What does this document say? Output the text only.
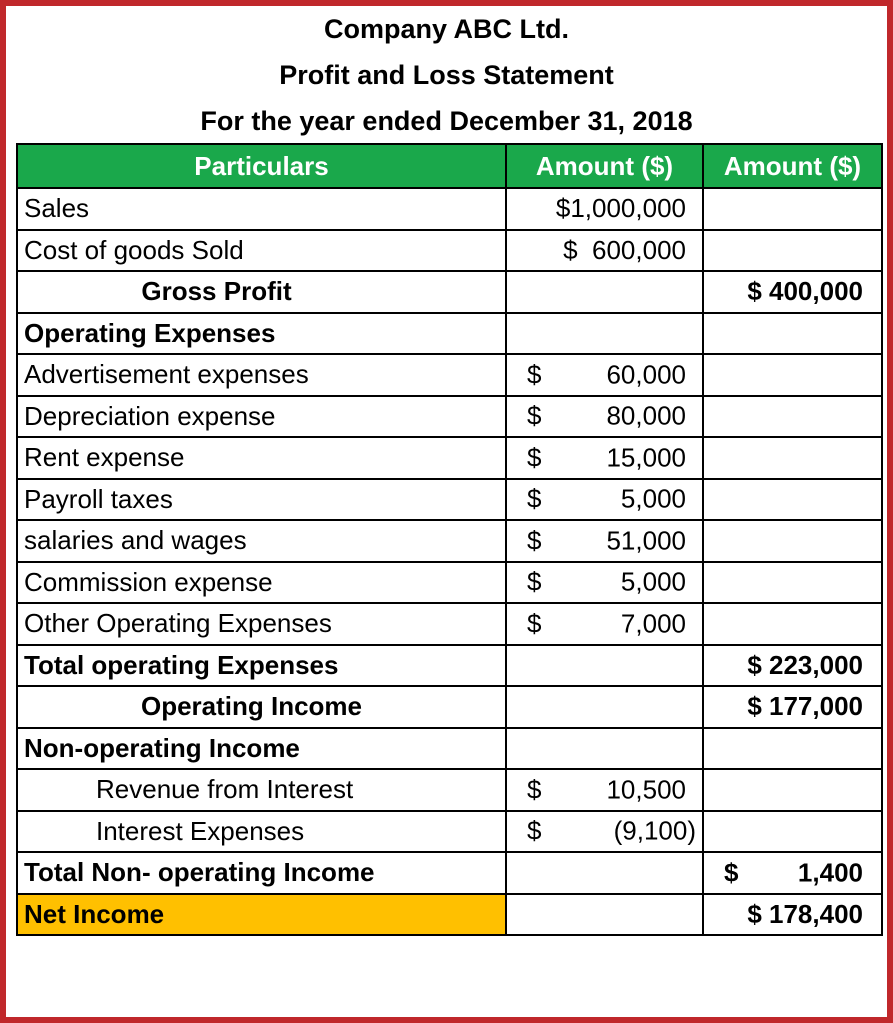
Company ABC Ltd.
Profit and Loss Statement
For the year ended December 31, 2018
Particulars	Amount ($)	Amount ($)
Sales	$1,000,000	
Cost of goods Sold	$  600,000	
Gross Profit		$ 400,000
Operating Expenses		
Advertisement expenses	$ 60,000	

Depreciation expense	$ 80,000	

Rent expense	$ 15,000	

Payroll taxes	$ 5,000	

salaries and wages	$ 51,000	

Commission expense	$ 5,000	

Other Operating Expenses	$ 7,000	

Total operating Expenses		$ 223,000
Operating Income		$ 177,000
Non-operating Income		
Revenue from Interest	$ 10,500	

Interest Expenses	$ (9,100)	

Total Non- operating Income		$ 1,400

Net Income		$ 178,400
